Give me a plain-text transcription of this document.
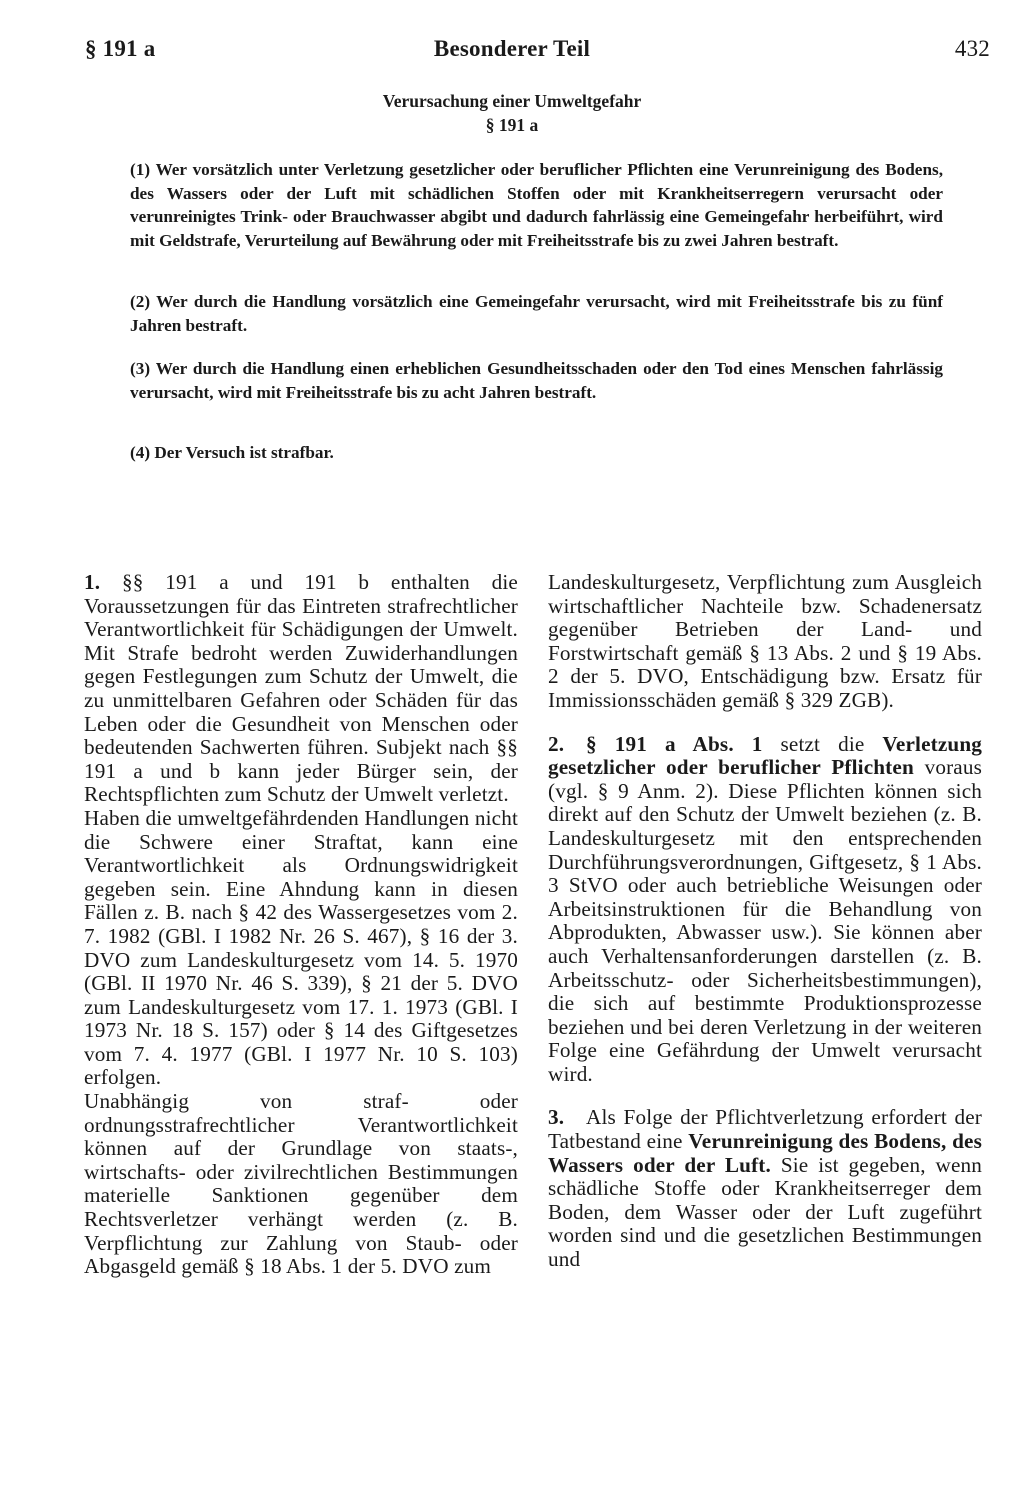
§ 191 a	Besonderer Teil	432
Verursachung einer Umweltgefahr
§ 191 a

(1) Wer vorsätzlich unter Verletzung gesetzlicher oder beruflicher Pflichten eine Verunreinigung des Bodens, des Wassers oder der Luft mit schädlichen Stoffen oder mit Krankheitserregern verursacht oder verunreinigtes Trink- oder Brauchwasser abgibt und dadurch fahrlässig eine Gemeingefahr herbeiführt, wird mit Geldstrafe, Verurteilung auf Bewährung oder mit Freiheitsstrafe bis zu zwei Jahren bestraft.

(2) Wer durch die Handlung vorsätzlich eine Gemeingefahr verursacht, wird mit Freiheitsstrafe bis zu fünf Jahren bestraft.

(3) Wer durch die Handlung einen erheblichen Gesundheitsschaden oder den Tod eines Menschen fahrlässig verursacht, wird mit Freiheitsstrafe bis zu acht Jahren bestraft.

(4) Der Versuch ist strafbar.

1. §§ 191 a und 191 b enthalten die Voraussetzungen für das Eintreten strafrechtlicher Verantwortlichkeit für Schädigungen der Umwelt. Mit Strafe bedroht werden Zuwiderhandlungen gegen Festlegungen zum Schutz der Umwelt, die zu unmittelbaren Gefahren oder Schäden für das Leben oder die Gesundheit von Menschen oder bedeutenden Sachwerten führen. Subjekt nach §§ 191 a und b kann jeder Bürger sein, der Rechtspflichten zum Schutz der Umwelt verletzt.

Haben die umweltgefährdenden Handlungen nicht die Schwere einer Straftat, kann eine Verantwortlichkeit als Ordnungswidrigkeit gegeben sein. Eine Ahndung kann in diesen Fällen z. B. nach § 42 des Wassergesetzes vom 2. 7. 1982 (GBl. I 1982 Nr. 26 S. 467), § 16 der 3. DVO zum Landeskulturgesetz vom 14. 5. 1970 (GBl. II 1970 Nr. 46 S. 339), § 21 der 5. DVO zum Landeskulturgesetz vom 17. 1. 1973 (GBl. I 1973 Nr. 18 S. 157) oder § 14 des Giftgesetzes vom 7. 4. 1977 (GBl. I 1977 Nr. 10 S. 103) erfolgen.

Unabhängig von straf- oder ordnungsstrafrechtlicher Verantwortlichkeit können auf der Grundlage von staats-, wirtschafts- oder zivilrechtlichen Bestimmungen materielle Sanktionen gegenüber dem Rechtsverletzer verhängt werden (z. B. Verpflichtung zur Zahlung von Staub- oder Abgasgeld gemäß § 18 Abs. 1 der 5. DVO zum

Landeskulturgesetz, Verpflichtung zum Ausgleich wirtschaftlicher Nachteile bzw. Schadenersatz gegenüber Betrieben der Land- und Forstwirtschaft gemäß § 13 Abs. 2 und § 19 Abs. 2 der 5. DVO, Entschädigung bzw. Ersatz für Immissionsschäden gemäß § 329 ZGB).

2. § 191 a Abs. 1 setzt die Verletzung gesetzlicher oder beruflicher Pflichten voraus (vgl. § 9 Anm. 2). Diese Pflichten können sich direkt auf den Schutz der Umwelt beziehen (z. B. Landeskulturgesetz mit den entsprechenden Durchführungsverordnungen, Giftgesetz, § 1 Abs. 3 StVO oder auch betriebliche Weisungen oder Arbeitsinstruktionen für die Behandlung von Abprodukten, Abwasser usw.). Sie können aber auch Verhaltensanforderungen darstellen (z. B. Arbeitsschutz- oder Sicherheitsbestimmungen), die sich auf bestimmte Produktionsprozesse beziehen und bei deren Verletzung in der weiteren Folge eine Gefährdung der Umwelt verursacht wird.

3. Als Folge der Pflichtverletzung erfordert der Tatbestand eine Verunreinigung des Bodens, des Wassers oder der Luft. Sie ist gegeben, wenn schädliche Stoffe oder Krankheitserreger dem Boden, dem Wasser oder der Luft zugeführt worden sind und die gesetzlichen Bestimmungen und
